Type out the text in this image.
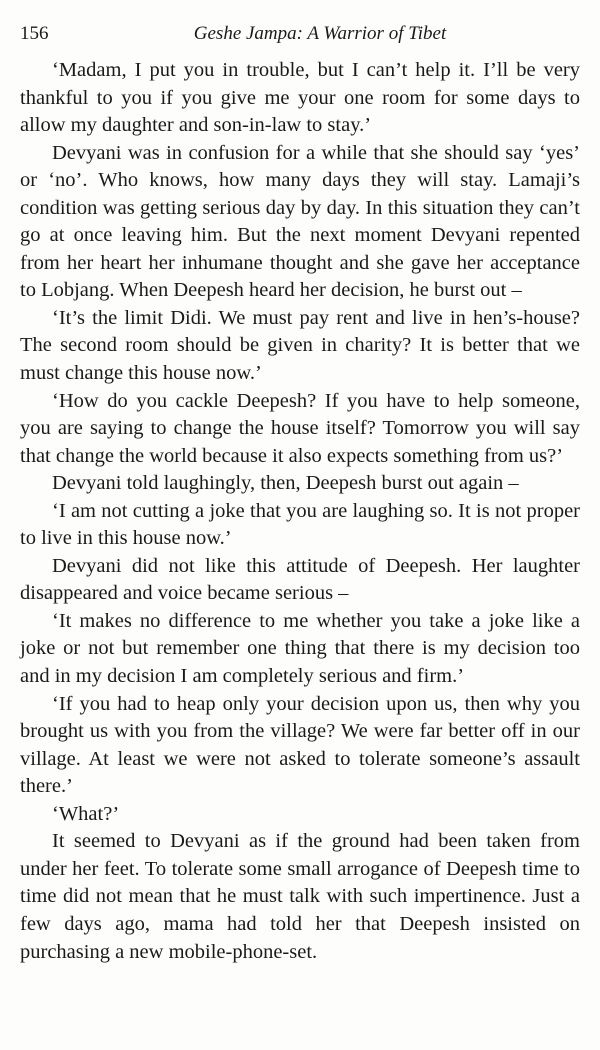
156	Geshe Jampa: A Warrior of Tibet

‘Madam, I put you in trouble, but I can’t help it. I’ll be very thankful to you if you give me your one room for some days to allow my daughter and son-in-law to stay.’

Devyani was in confusion for a while that she should say ‘yes’ or ‘no’. Who knows, how many days they will stay. Lamaji’s condition was getting serious day by day. In this situation they can’t go at once leaving him. But the next moment Devyani repented from her heart her inhumane thought and she gave her acceptance to Lobjang. When Deepesh heard her decision, he burst out –

‘It’s the limit Didi. We must pay rent and live in hen’s-house? The second room should be given in charity? It is better that we must change this house now.’

‘How do you cackle Deepesh? If you have to help someone, you are saying to change the house itself? Tomorrow you will say that change the world because it also expects something from us?’

Devyani told laughingly, then, Deepesh burst out again –

‘I am not cutting a joke that you are laughing so. It is not proper to live in this house now.’

Devyani did not like this attitude of Deepesh. Her laughter disappeared and voice became serious –

‘It makes no difference to me whether you take a joke like a joke or not but remember one thing that there is my decision too and in my decision I am completely serious and firm.’

‘If you had to heap only your decision upon us, then why you brought us with you from the village? We were far better off in our village. At least we were not asked to tolerate someone’s assault there.’

‘What?’

It seemed to Devyani as if the ground had been taken from under her feet. To tolerate some small arrogance of Deepesh time to time did not mean that he must talk with such impertinence. Just a few days ago, mama had told her that Deepesh insisted on purchasing a new mobile-phone-set.
